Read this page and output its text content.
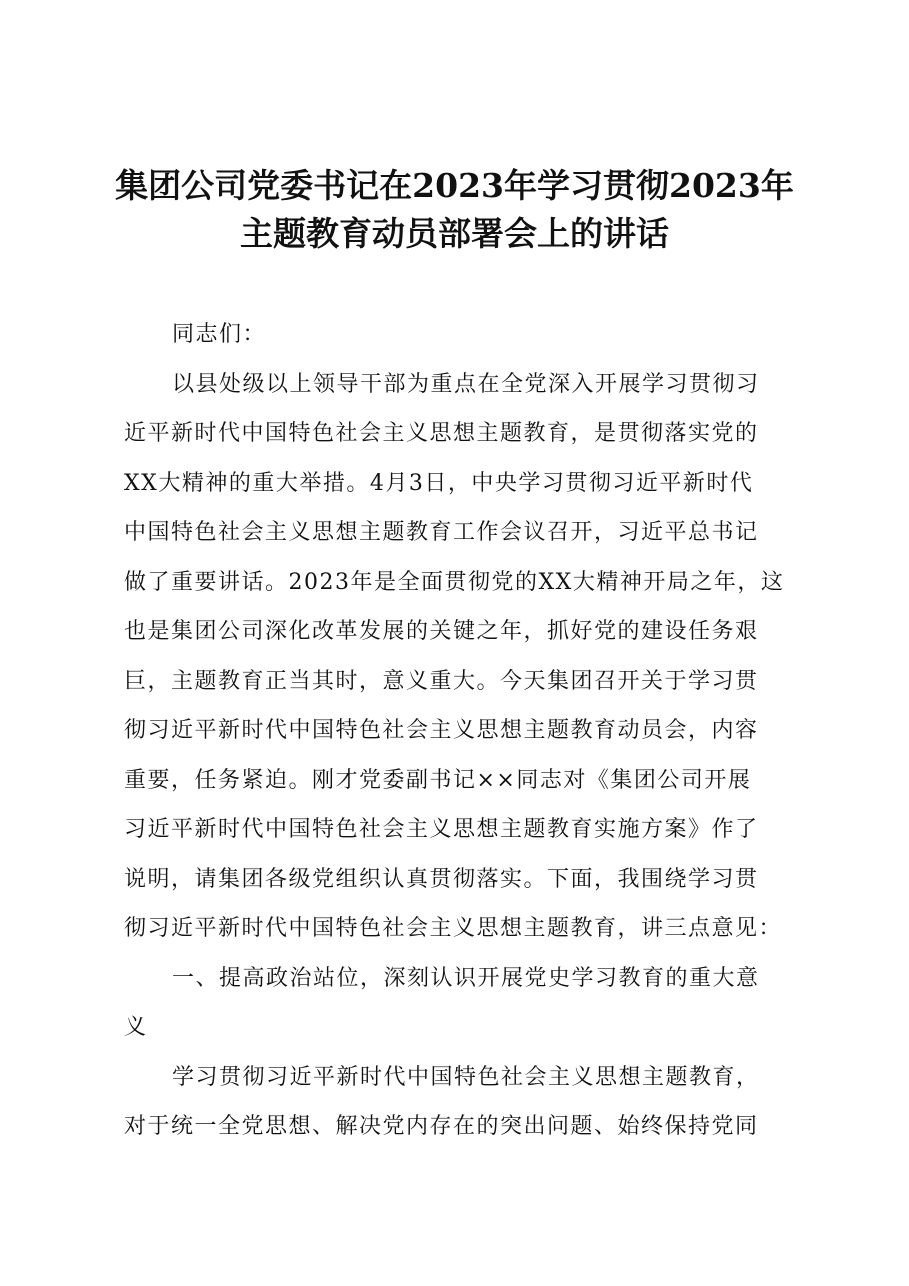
集团公司党委书记在2023年学习贯彻2023年
主题教育动员部署会上的讲话
同志们：
以县处级以上领导干部为重点在全党深入开展学习贯彻习
近平新时代中国特色社会主义思想主题教育，是贯彻落实党的
XX大精神的重大举措。4月3日，中央学习贯彻习近平新时代
中国特色社会主义思想主题教育工作会议召开，习近平总书记
做了重要讲话。2023年是全面贯彻党的XX大精神开局之年，这
也是集团公司深化改革发展的关键之年，抓好党的建设任务艰
巨，主题教育正当其时，意义重大。今天集团召开关于学习贯
彻习近平新时代中国特色社会主义思想主题教育动员会，内容
重要，任务紧迫。刚才党委副书记××同志对《集团公司开展
习近平新时代中国特色社会主义思想主题教育实施方案》作了
说明，请集团各级党组织认真贯彻落实。下面，我围绕学习贯
彻习近平新时代中国特色社会主义思想主题教育，讲三点意见：
一、提高政治站位，深刻认识开展党史学习教育的重大意
义
学习贯彻习近平新时代中国特色社会主义思想主题教育，
对于统一全党思想、解决党内存在的突出问题、始终保持党同
